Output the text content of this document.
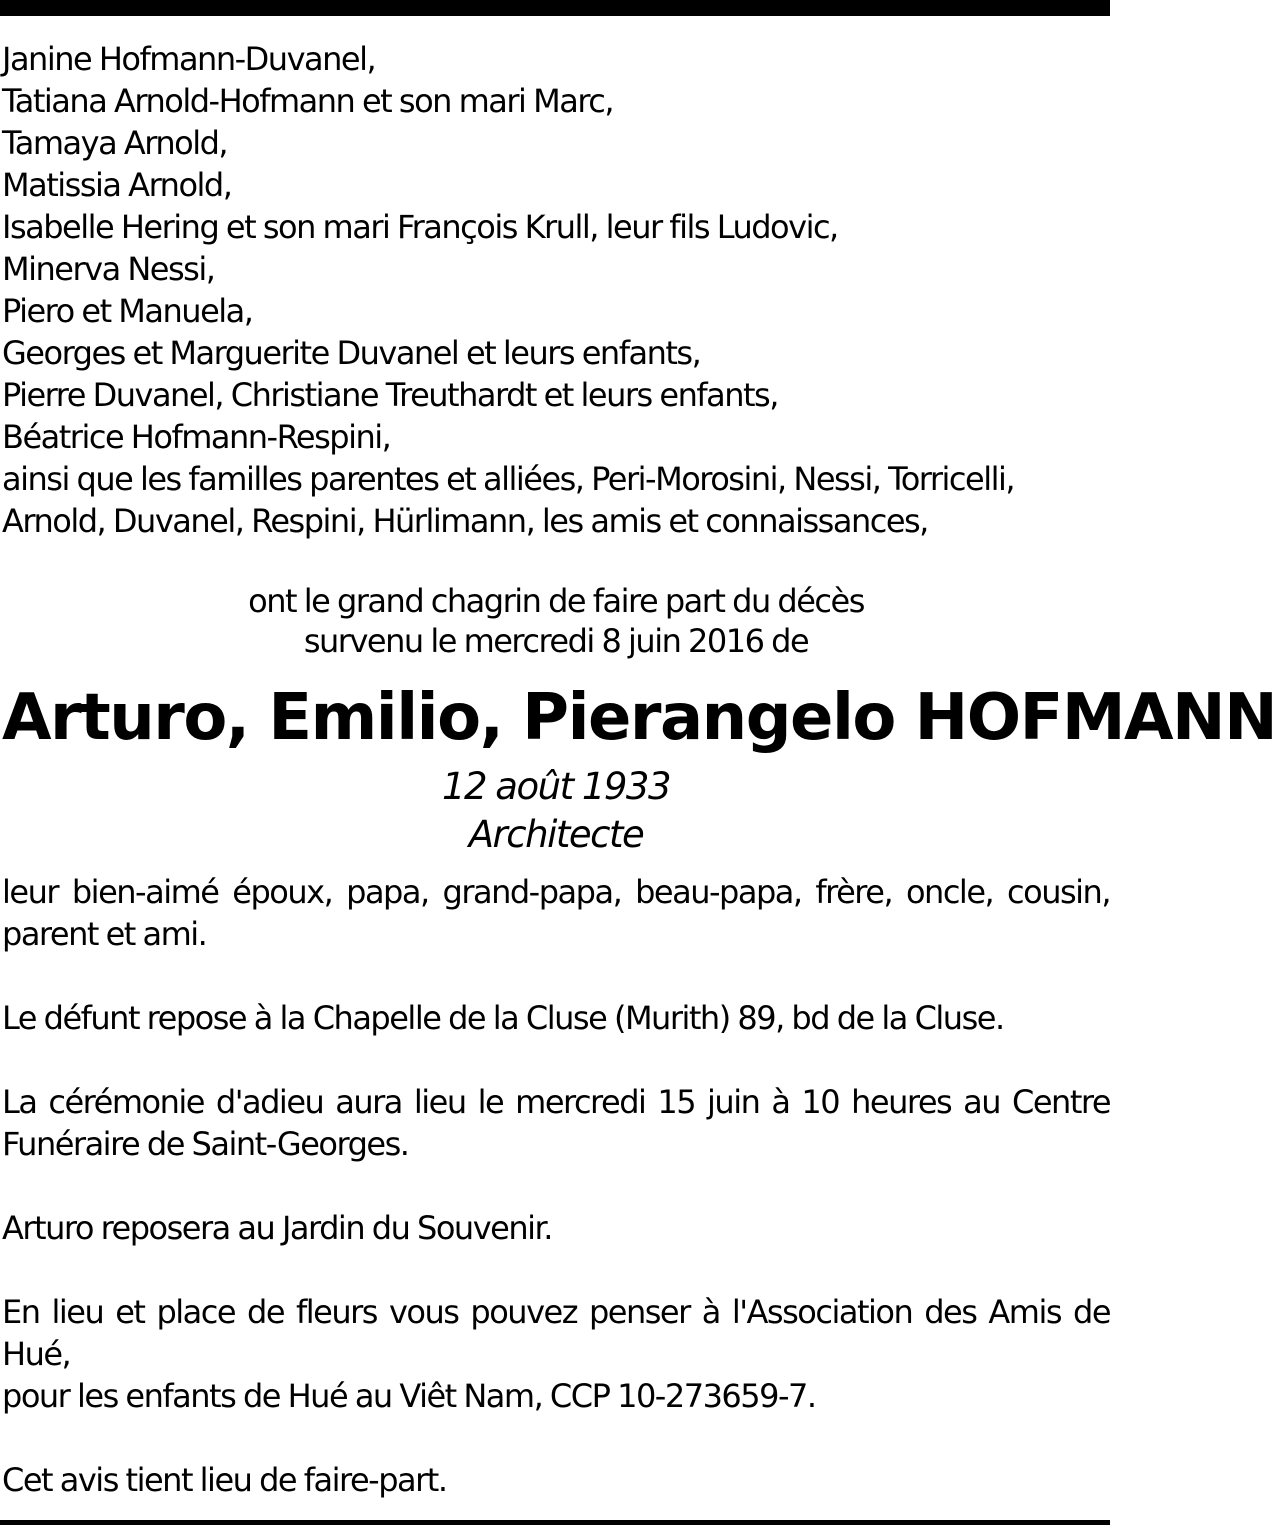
Janine Hofmann-Duvanel,
Tatiana Arnold-Hofmann et son mari Marc,
Tamaya Arnold,
Matissia Arnold,
Isabelle Hering et son mari François Krull, leur fils Ludovic,
Minerva Nessi,
Piero et Manuela,
Georges et Marguerite Duvanel et leurs enfants,
Pierre Duvanel, Christiane Treuthardt et leurs enfants,
Béatrice Hofmann-Respini,
ainsi que les familles parentes et alliées, Peri-Morosini, Nessi, Torricelli,
Arnold, Duvanel, Respini, Hürlimann, les amis et connaissances,
ont le grand chagrin de faire part du décès
survenu le mercredi 8 juin 2016 de
Arturo, Emilio, Pierangelo HOFMANN
12 août 1933
Architecte
leur bien-aimé époux, papa, grand-papa, beau-papa, frère, oncle, cousin,
parent et ami.
Le défunt repose à la Chapelle de la Cluse (Murith) 89, bd de la Cluse.
La cérémonie d'adieu aura lieu le mercredi 15 juin à 10 heures au Centre
Funéraire de Saint-Georges.
Arturo reposera au Jardin du Souvenir.
En lieu et place de fleurs vous pouvez penser à l'Association des Amis de
Hué,
pour les enfants de Hué au Viêt Nam, CCP 10-273659-7.
Cet avis tient lieu de faire-part.
